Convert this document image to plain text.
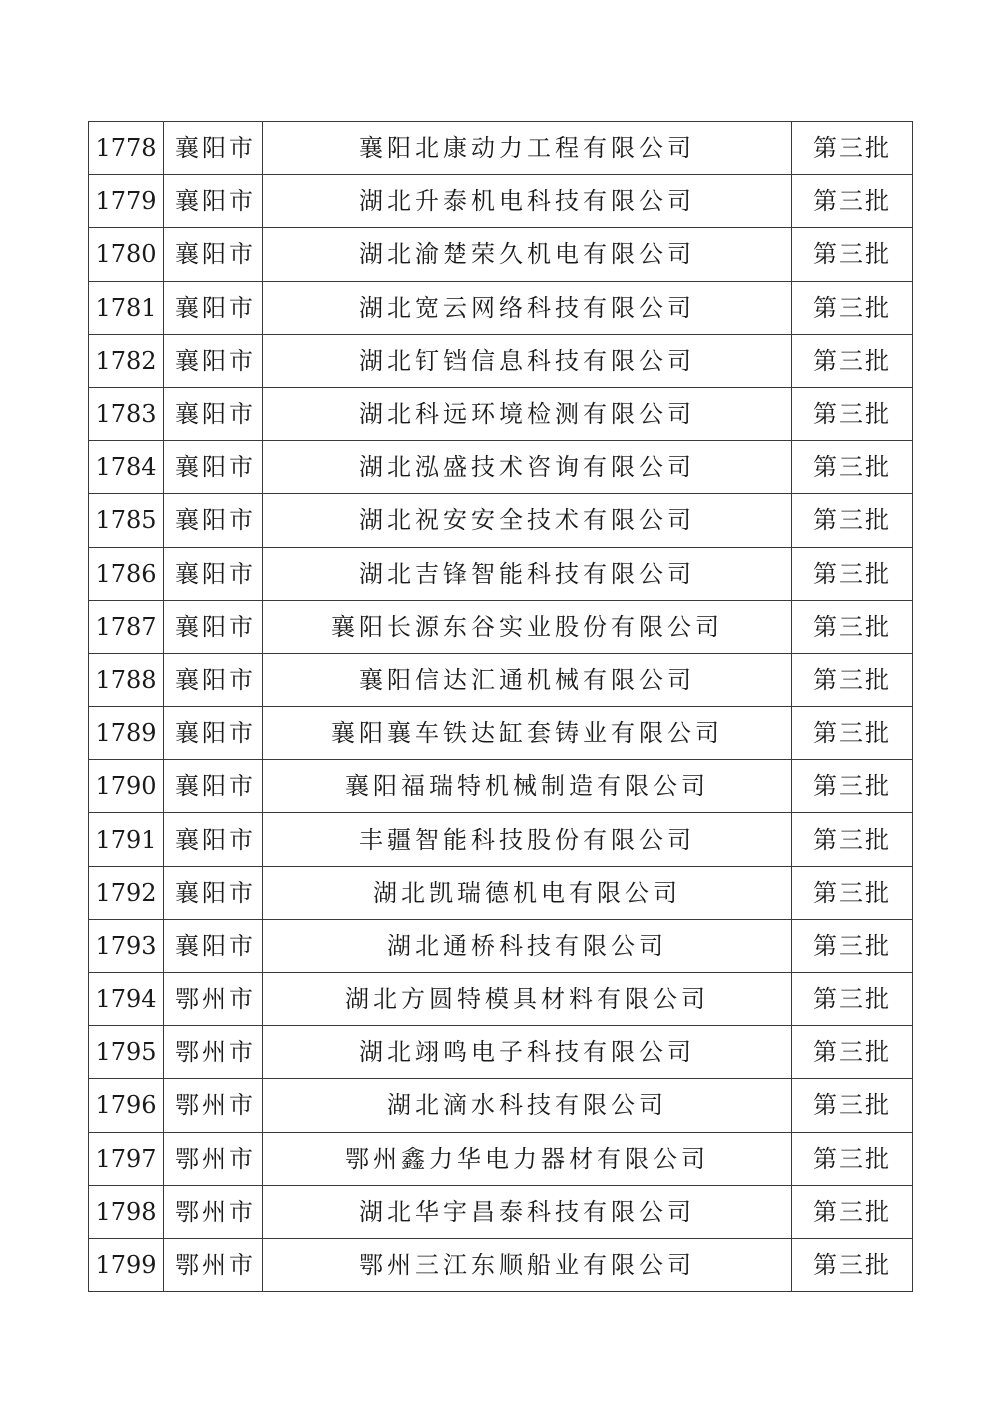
1778	襄阳市	襄阳北康动力工程有限公司	第三批
1779	襄阳市	湖北升泰机电科技有限公司	第三批
1780	襄阳市	湖北渝楚荣久机电有限公司	第三批
1781	襄阳市	湖北宽云网络科技有限公司	第三批
1782	襄阳市	湖北钉铛信息科技有限公司	第三批
1783	襄阳市	湖北科远环境检测有限公司	第三批
1784	襄阳市	湖北泓盛技术咨询有限公司	第三批
1785	襄阳市	湖北祝安安全技术有限公司	第三批
1786	襄阳市	湖北吉锋智能科技有限公司	第三批
1787	襄阳市	襄阳长源东谷实业股份有限公司	第三批
1788	襄阳市	襄阳信达汇通机械有限公司	第三批
1789	襄阳市	襄阳襄车铁达缸套铸业有限公司	第三批
1790	襄阳市	襄阳福瑞特机械制造有限公司	第三批
1791	襄阳市	丰疆智能科技股份有限公司	第三批
1792	襄阳市	湖北凯瑞德机电有限公司	第三批
1793	襄阳市	湖北通桥科技有限公司	第三批
1794	鄂州市	湖北方圆特模具材料有限公司	第三批
1795	鄂州市	湖北翊鸣电子科技有限公司	第三批
1796	鄂州市	湖北滴水科技有限公司	第三批
1797	鄂州市	鄂州鑫力华电力器材有限公司	第三批
1798	鄂州市	湖北华宇昌泰科技有限公司	第三批
1799	鄂州市	鄂州三江东顺船业有限公司	第三批
